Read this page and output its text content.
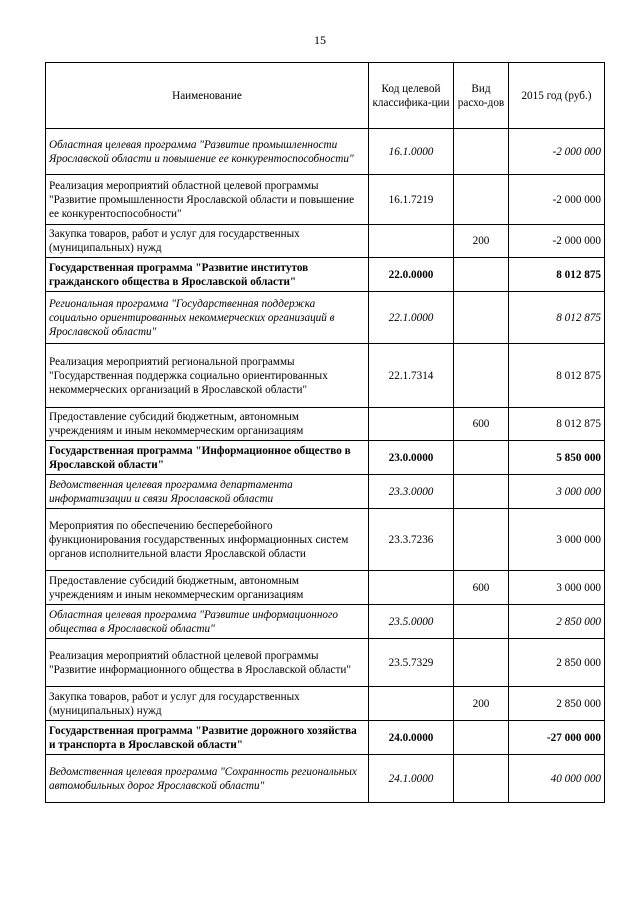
15
Наименование	Код целевой классифика-ции	Вид расхо-дов	2015 год (руб.)
Областная целевая программа "Развитие промышленности Ярославской области и повышение ее конкурентоспособности"	16.1.0000		-2 000 000
Реализация мероприятий областной целевой программы "Развитие промышленности Ярославской области и повышение ее конкурентоспособности"	16.1.7219		-2 000 000
Закупка товаров, работ и услуг для государственных (муниципальных) нужд		200	-2 000 000
Государственная программа "Развитие институтов гражданского общества в Ярославской области"	22.0.0000		8 012 875
Региональная программа "Государственная поддержка социально ориентированных некоммерческих организаций в Ярославской области"	22.1.0000		8 012 875
Реализация мероприятий региональной программы "Государственная поддержка социально ориентированных некоммерческих организаций в Ярославской области"	22.1.7314		8 012 875
Предоставление субсидий бюджетным, автономным учреждениям и иным некоммерческим организациям		600	8 012 875
Государственная программа "Информационное общество в Ярославской области"	23.0.0000		5 850 000
Ведомственная целевая программа департамента информатизации и связи Ярославской области	23.3.0000		3 000 000
Мероприятия по обеспечению бесперебойного функционирования государственных информационных систем органов исполнительной власти Ярославской области	23.3.7236		3 000 000
Предоставление субсидий бюджетным, автономным учреждениям и иным некоммерческим организациям		600	3 000 000
Областная целевая программа "Развитие информационного общества в Ярославской области"	23.5.0000		2 850 000
Реализация мероприятий областной целевой программы "Развитие информационного общества в Ярославской области"	23.5.7329		2 850 000
Закупка товаров, работ и услуг для государственных (муниципальных) нужд		200	2 850 000
Государственная программа "Развитие дорожного хозяйства и транспорта в Ярославской области"	24.0.0000		-27 000 000
Ведомственная целевая программа "Сохранность региональных автомобильных дорог Ярославской области"	24.1.0000		40 000 000
